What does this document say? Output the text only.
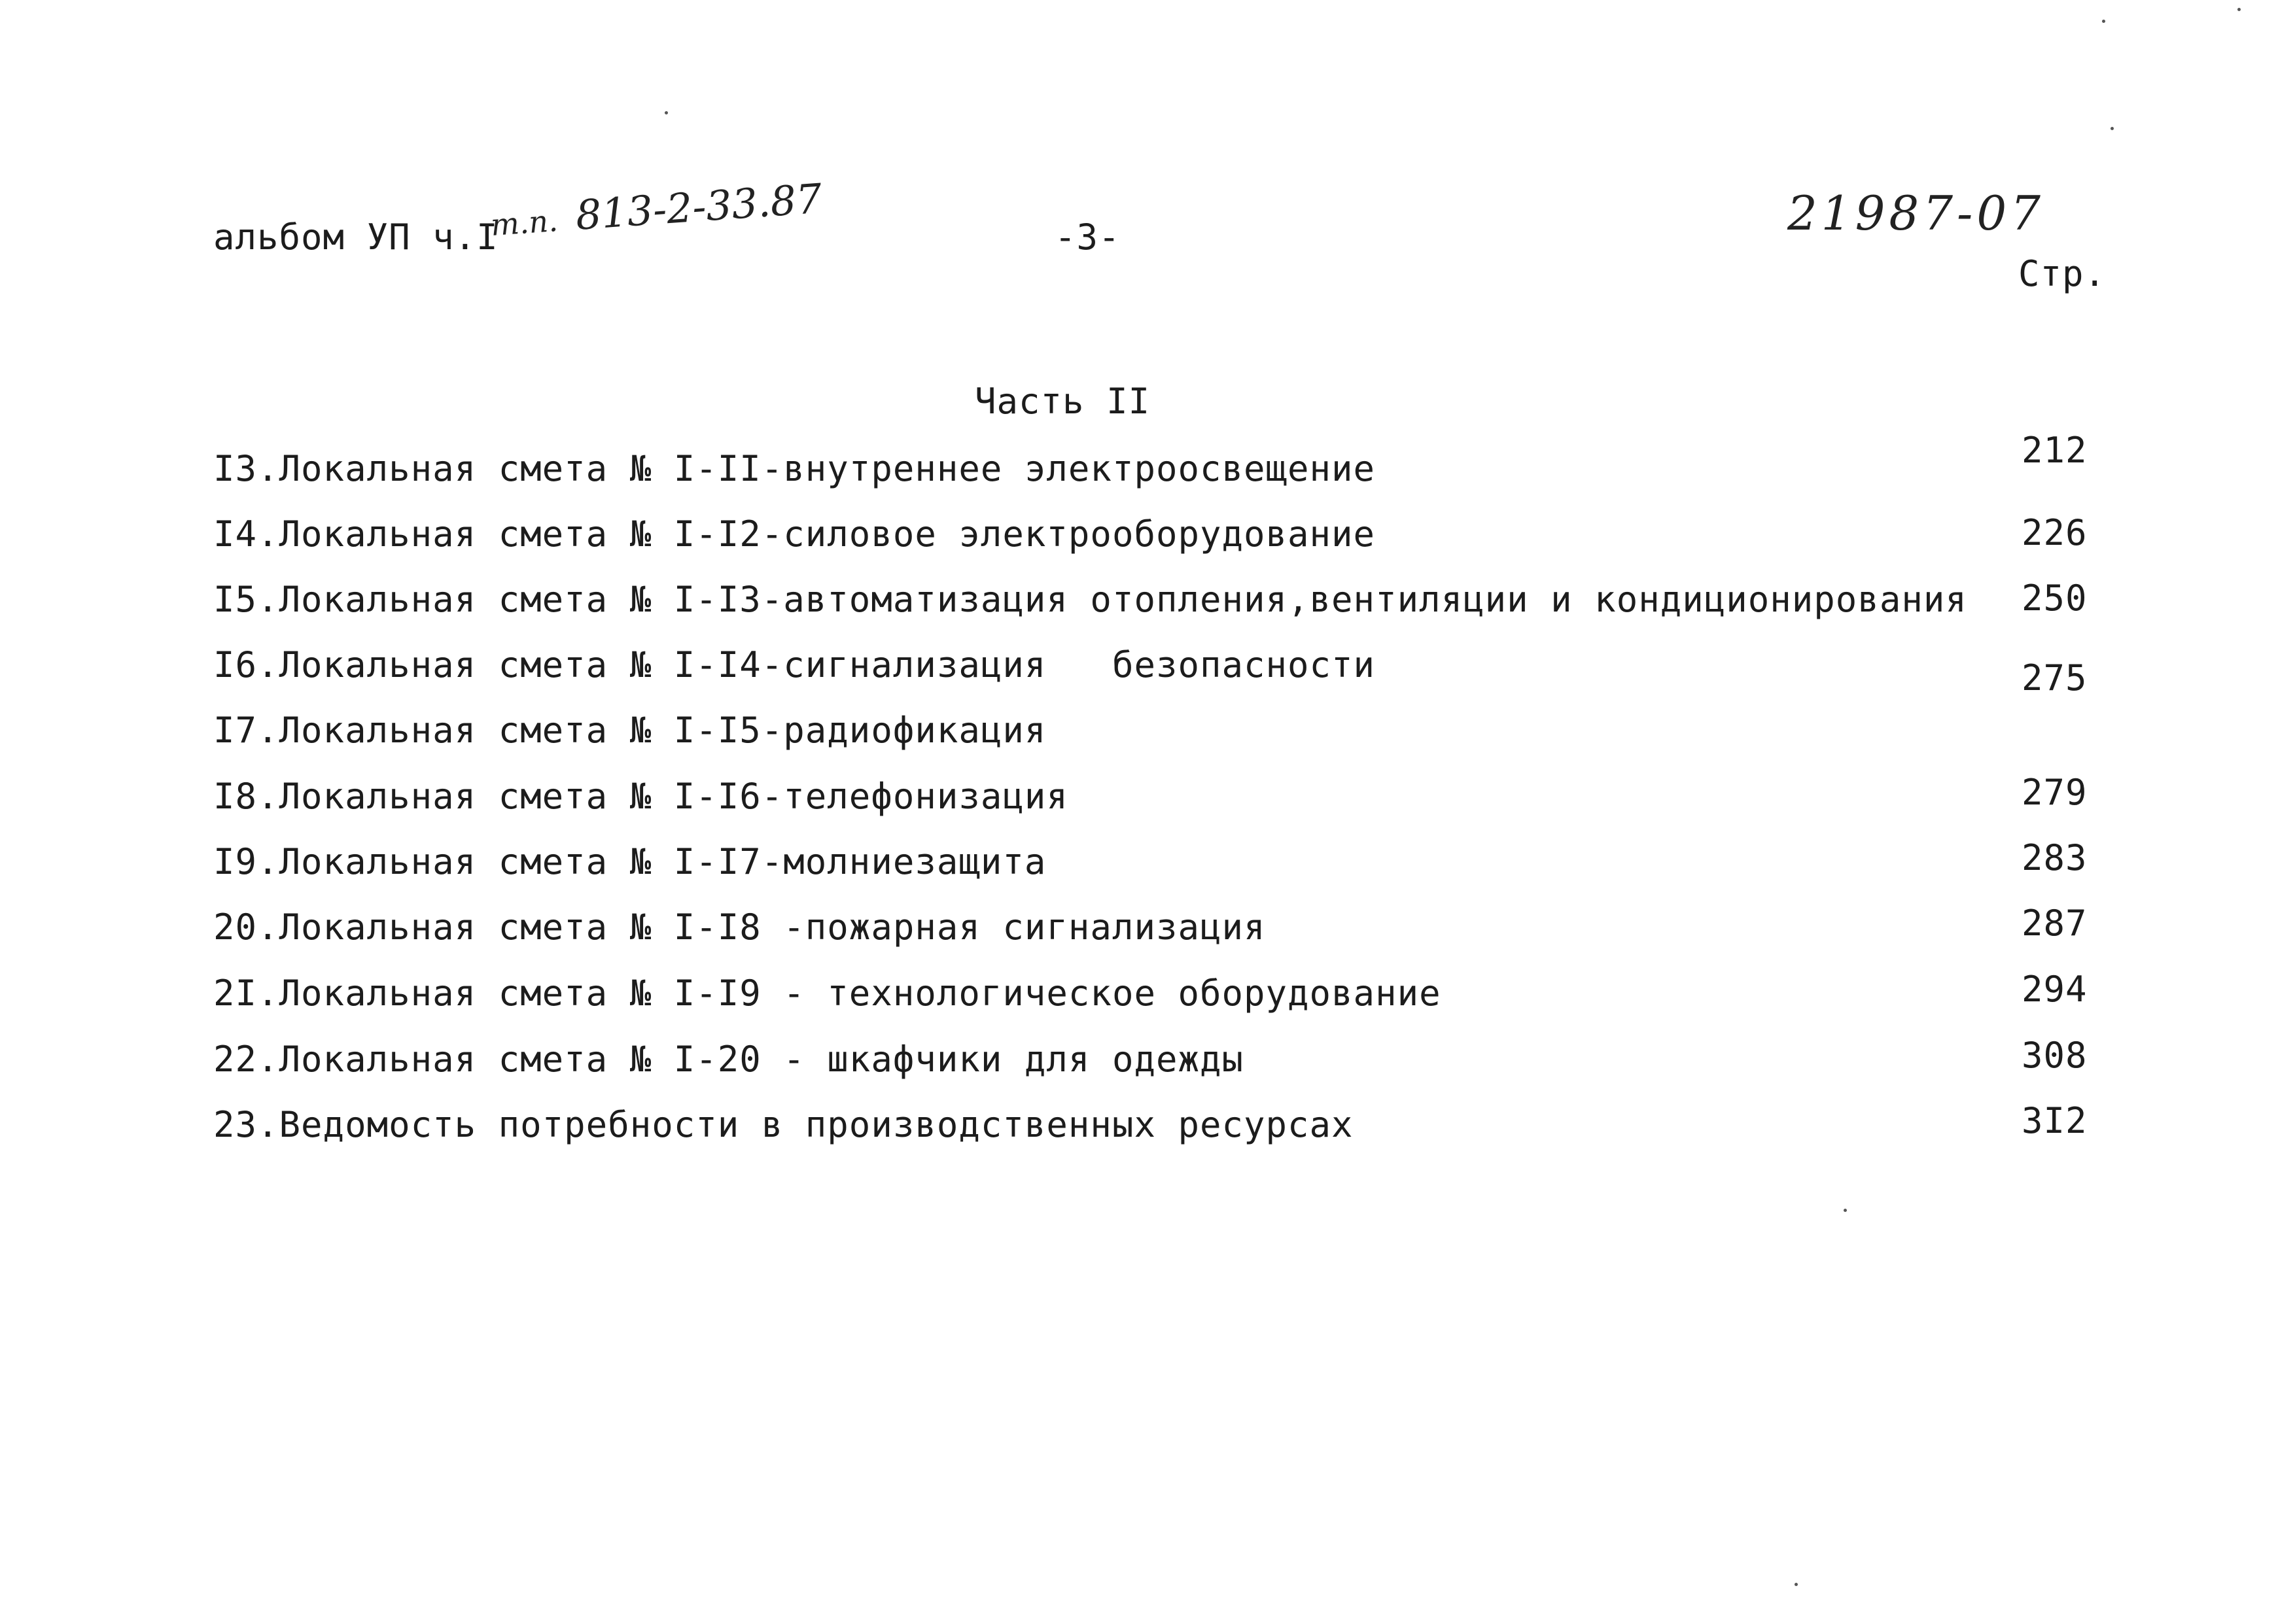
альбом УП ч.I
т.п. 813-2-33.87	-3-	21987-07
Стр.
Часть II
I3.Локальная смета № I-II-внутреннее электроосвещение	212
I4.Локальная смета № I-I2-силовое электрооборудование	226
I5.Локальная смета № I-I3-автоматизация отопления,вентиляции и кондиционирования 250
I6.Локальная смета № I-I4-сигнализация   безопасности	275
I7.Локальная смета № I-I5-радиофикация
I8.Локальная смета № I-I6-телефонизация	279
I9.Локальная смета № I-I7-молниезащита	283
20.Локальная смета № I-I8 -пожарная сигнализация	287
2I.Локальная смета № I-I9 - технологическое оборудование	294
22.Локальная смета № I-20 - шкафчики для одежды	308
23.Ведомость потребности в производственных ресурсах	3I2
